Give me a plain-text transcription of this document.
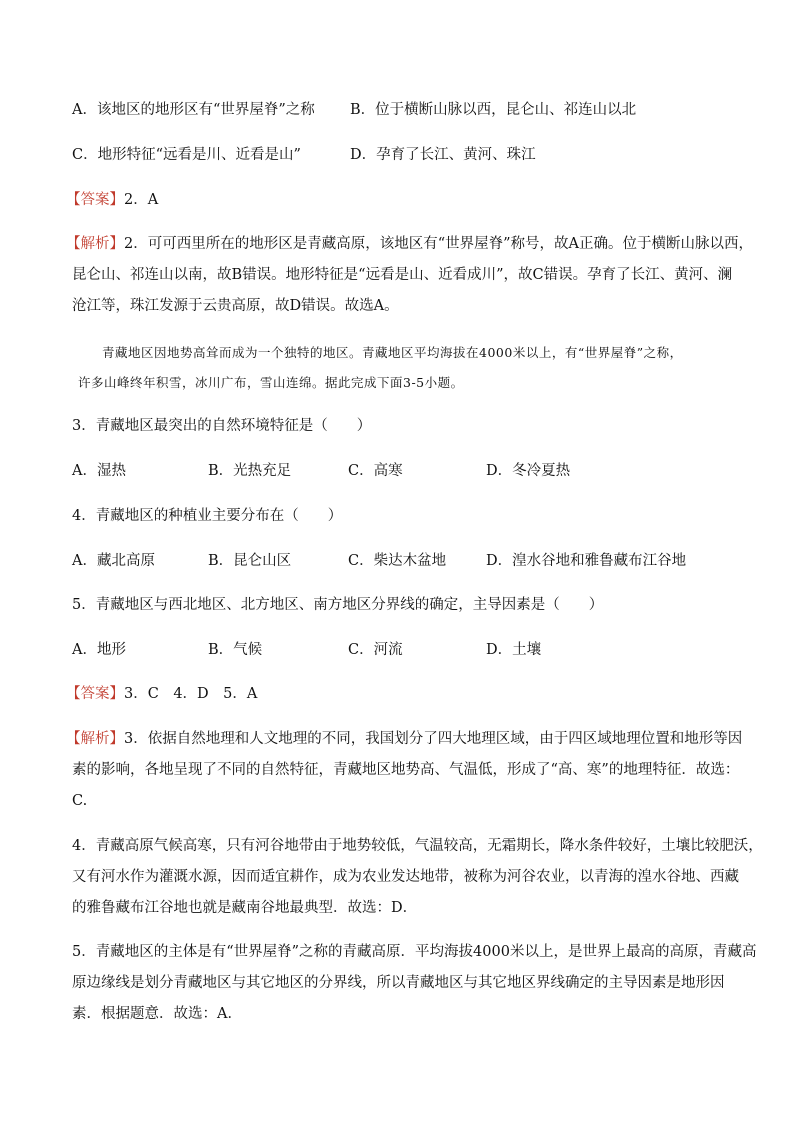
A．该地区的地形区有“世界屋脊”之称 B．位于横断山脉以西，昆仑山、祁连山以北
C．地形特征“远看是川、近看是山”	D．孕育了长江、黄河、珠江
【答案】2．A
【解析】2．可可西里所在的地形区是青藏高原，该地区有“世界屋脊”称号，故A正确。位于横断山脉以西，
昆仑山、祁连山以南，故B错误。地形特征是“远看是山、近看成川”，故C错误。孕育了长江、黄河、澜
沧江等，珠江发源于云贵高原，故D错误。故选A。
青藏地区因地势高耸而成为一个独特的地区。青藏地区平均海拔在4000米以上，有“世界屋脊”之称，
许多山峰终年积雪，冰川广布，雪山连绵。据此完成下面3-5小题。
3．青藏地区最突出的自然环境特征是（　　）
A．湿热	B．光热充足	C．高寒	D．冬冷夏热
4．青藏地区的种植业主要分布在（　　）
A．藏北高原	B．昆仑山区	C．柴达木盆地	D．湟水谷地和雅鲁藏布江谷地
5．青藏地区与西北地区、北方地区、南方地区分界线的确定，主导因素是（　　）
A．地形	B．气候	C．河流	D．土壤
【答案】3．C　4．D　5．A
【解析】3．依据自然地理和人文地理的不同，我国划分了四大地理区域，由于四区域地理位置和地形等因
素的影响，各地呈现了不同的自然特征，青藏地区地势高、气温低，形成了“高、寒”的地理特征．故选：
C.
4．青藏高原气候高寒，只有河谷地带由于地势较低，气温较高，无霜期长，降水条件较好，土壤比较肥沃，
又有河水作为灌溉水源，因而适宜耕作，成为农业发达地带，被称为河谷农业，以青海的湟水谷地、西藏
的雅鲁藏布江谷地也就是藏南谷地最典型．故选：D．
5．青藏地区的主体是有“世界屋脊”之称的青藏高原．平均海拔4000米以上，是世界上最高的高原，青藏高
原边缘线是划分青藏地区与其它地区的分界线，所以青藏地区与其它地区界线确定的主导因素是地形因
素．根据题意．故选：A．
